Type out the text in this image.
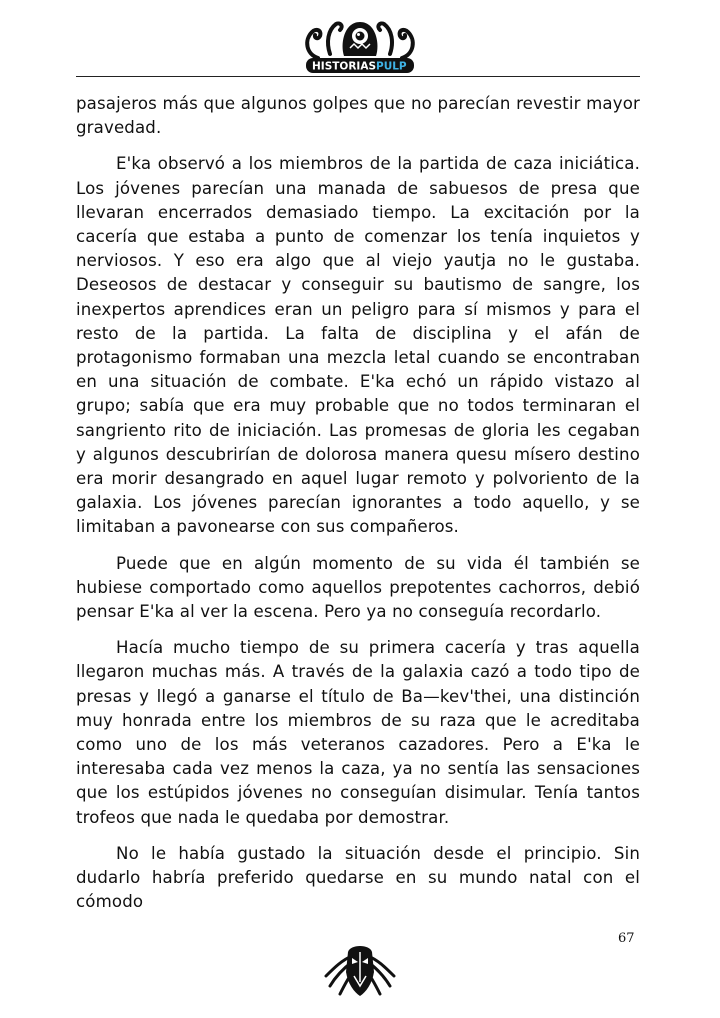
HISTORIAS PULP

pasajeros más que algunos golpes que no parecían revestir mayor gravedad.

E'ka observó a los miembros de la partida de caza iniciática. Los jóvenes parecían una manada de sabuesos de presa que llevaran encerrados demasiado tiempo. La excitación por la cacería que estaba a punto de comenzar los tenía inquietos y nerviosos. Y eso era algo que al viejo yautja no le gustaba. Deseosos de destacar y conseguir su bautismo de sangre, los inexpertos aprendices eran un peligro para sí mismos y para el resto de la partida. La falta de disciplina y el afán de protagonismo formaban una mezcla letal cuando se encontraban en una situación de combate. E'ka echó un rápido vistazo al grupo; sabía que era muy probable que no todos terminaran el sangriento rito de iniciación. Las promesas de gloria les cegaban y algunos descubrirían de dolorosa manera quesu mísero destino era morir desangrado en aquel lugar remoto y polvoriento de la galaxia. Los jóvenes parecían ignorantes a todo aquello, y se limitaban a pavonearse con sus compañeros.

Puede que en algún momento de su vida él también se hubiese comportado como aquellos prepotentes cachorros, debió pensar E'ka al ver la escena. Pero ya no conseguía recordarlo.

Hacía mucho tiempo de su primera cacería y tras aquella llegaron muchas más. A través de la galaxia cazó a todo tipo de presas y llegó a ganarse el título de Ba—kev'thei, una distinción muy honrada entre los miembros de su raza que le acreditaba como uno de los más veteranos cazadores. Pero a E'ka le interesaba cada vez menos la caza, ya no sentía las sensaciones que los estúpidos jóvenes no conseguían disimular. Tenía tantos trofeos que nada le quedaba por demostrar.

No le había gustado la situación desde el principio. Sin dudarlo habría preferido quedarse en su mundo natal con el cómodo

67
